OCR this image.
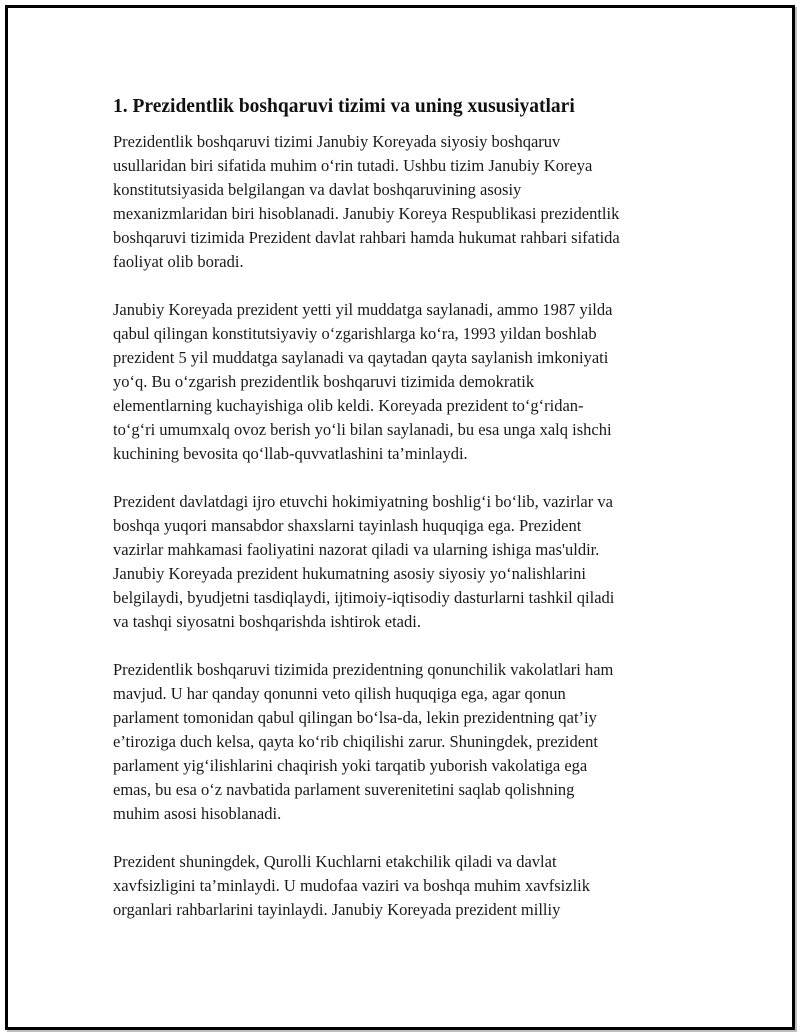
1. Prezidentlik boshqaruvi tizimi va uning xususiyatlari

Prezidentlik boshqaruvi tizimi Janubiy Koreyada siyosiy boshqaruv
usullaridan biri sifatida muhim o‘rin tutadi. Ushbu tizim Janubiy Koreya
konstitutsiyasida belgilangan va davlat boshqaruvining asosiy
mexanizmlaridan biri hisoblanadi. Janubiy Koreya Respublikasi prezidentlik
boshqaruvi tizimida Prezident davlat rahbari hamda hukumat rahbari sifatida
faoliyat olib boradi.

Janubiy Koreyada prezident yetti yil muddatga saylanadi, ammo 1987 yilda
qabul qilingan konstitutsiyaviy o‘zgarishlarga ko‘ra, 1993 yildan boshlab
prezident 5 yil muddatga saylanadi va qaytadan qayta saylanish imkoniyati
yo‘q. Bu o‘zgarish prezidentlik boshqaruvi tizimida demokratik
elementlarning kuchayishiga olib keldi. Koreyada prezident to‘g‘ridan-
to‘g‘ri umumxalq ovoz berish yo‘li bilan saylanadi, bu esa unga xalq ishchi
kuchining bevosita qo‘llab-quvvatlashini ta’minlaydi.

Prezident davlatdagi ijro etuvchi hokimiyatning boshlig‘i bo‘lib, vazirlar va
boshqa yuqori mansabdor shaxslarni tayinlash huquqiga ega. Prezident
vazirlar mahkamasi faoliyatini nazorat qiladi va ularning ishiga mas'uldir.
Janubiy Koreyada prezident hukumatning asosiy siyosiy yo‘nalishlarini
belgilaydi, byudjetni tasdiqlaydi, ijtimoiy-iqtisodiy dasturlarni tashkil qiladi
va tashqi siyosatni boshqarishda ishtirok etadi.

Prezidentlik boshqaruvi tizimida prezidentning qonunchilik vakolatlari ham
mavjud. U har qanday qonunni veto qilish huquqiga ega, agar qonun
parlament tomonidan qabul qilingan bo‘lsa-da, lekin prezidentning qat’iy
e’tiroziga duch kelsa, qayta ko‘rib chiqilishi zarur. Shuningdek, prezident
parlament yig‘ilishlarini chaqirish yoki tarqatib yuborish vakolatiga ega
emas, bu esa o‘z navbatida parlament suverenitetini saqlab qolishning
muhim asosi hisoblanadi.

Prezident shuningdek, Qurolli Kuchlarni etakchilik qiladi va davlat
xavfsizligini ta’minlaydi. U mudofaa vaziri va boshqa muhim xavfsizlik
organlari rahbarlarini tayinlaydi. Janubiy Koreyada prezident milliy
